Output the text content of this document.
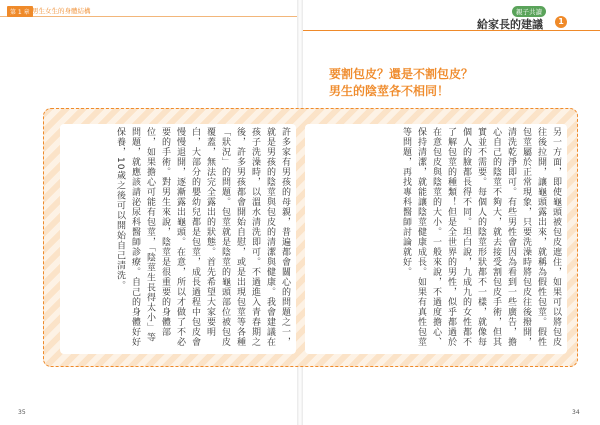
第 1 章 男生女生的身體結構	親子共讀
給家長的建議	1
要割包皮？還是不割包皮？
男生的陰莖各不相同！

許多家有男孩的母親，普遍都會關心的問題之一，就是男孩的陰莖與包皮的清潔與健康。我會建議在孩子洗澡時，以溫水清洗即可。不過進入青春期之後，許多男孩都會開始自慰，或是出現包莖等各種「狀況」的問題。包莖就是陰莖的龜頭部位被包皮覆蓋，無法完全露出的狀態。首先希望大家要明白，大部分的嬰幼兒都是包莖，成長過程中包皮會慢慢退開，逐漸露出龜頭。在意，所以才做了不必要的手術。對男生來說，陰莖是很重要的身體部位，如果擔心可能有包莖，「陰莖生長得太小」等問題，就應該請泌尿科醫師診療。自己的身體好好保養，10歲之後可以開始自己清洗。	另一方面，即使龜頭被包皮遮住，如果可以將包皮往後拉開，讓龜頭露出來，就稱為假性包莖。假性包莖屬於正常現象，只要洗澡時將包皮往後撥開，清洗乾淨即可。有些男性會因為看到一些廣告，擔心自己的陰莖不夠大，就去接受割包皮手術，但其實並不需要。每個人的陰莖形狀都不一樣，就像每個人的臉都長得不同。坦白說，九成九的女性都不了解包莖的種類！但是全世界的男性，似乎都過於在意包皮與陰莖的大小。一般來說，不過度擔心、保持清潔，就能讓陰莖健康成長。如果有真性包莖等問題，再找專科醫師討論就好。

35	34
